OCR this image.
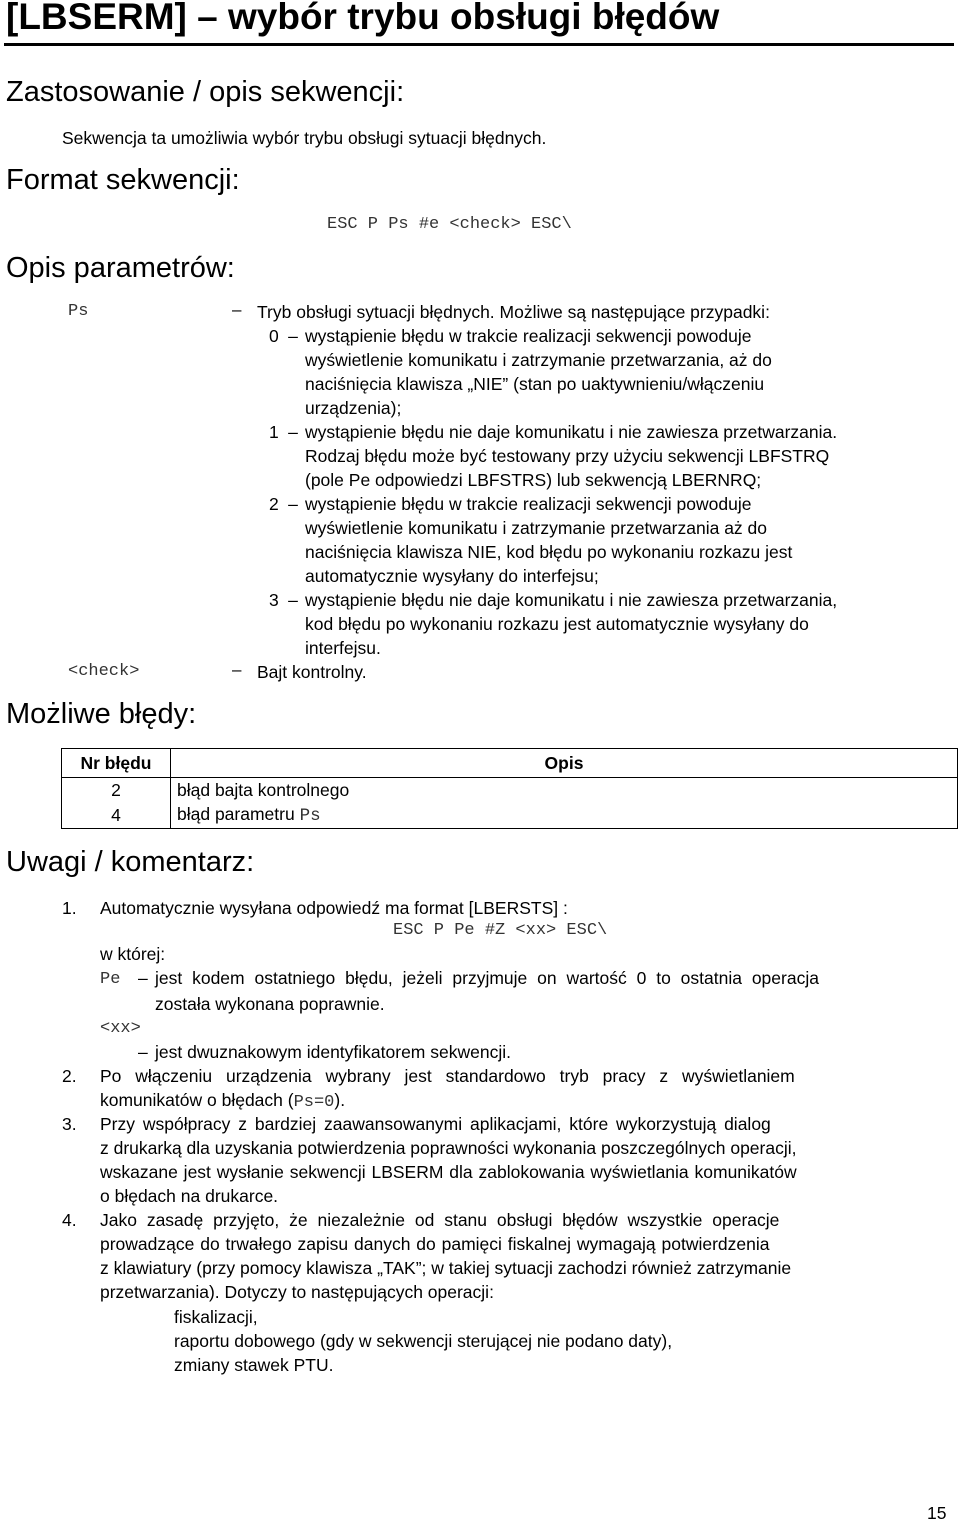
[LBSERM] – wybór trybu obsługi błędów
Zastosowanie / opis sekwencji:
Sekwencja ta umożliwia wybór trybu obsługi sytuacji błędnych.
Format sekwencji:
ESC P Ps #e <check> ESC\
Opis parametrów:
Ps	– Tryb obsługi sytuacji błędnych. Możliwe są następujące przypadki:
0 – wystąpienie błędu w trakcie realizacji sekwencji powoduje
wyświetlenie komunikatu i zatrzymanie przetwarzania, aż do
naciśnięcia klawisza „NIE” (stan po uaktywnieniu/włączeniu
urządzenia);
1 – wystąpienie błędu nie daje komunikatu i nie zawiesza przetwarzania.
Rodzaj błędu może być testowany przy użyciu sekwencji LBFSTRQ
(pole Pe odpowiedzi LBFSTRS) lub sekwencją LBERNRQ;
2 – wystąpienie błędu w trakcie realizacji sekwencji powoduje
wyświetlenie komunikatu i zatrzymanie przetwarzania aż do
naciśnięcia klawisza NIE, kod błędu po wykonaniu rozkazu jest
automatycznie wysyłany do interfejsu;
3 – wystąpienie błędu nie daje komunikatu i nie zawiesza przetwarzania,
kod błędu po wykonaniu rozkazu jest automatycznie wysyłany do
interfejsu.
<check>	– Bajt kontrolny.
Możliwe błędy:
Nr błędu	Opis
2	błąd bajta kontrolnego
4	błąd parametru Ps
Uwagi / komentarz:
1. Automatycznie wysyłana odpowiedź ma format [LBERSTS] :
ESC P Pe #Z <xx> ESC\
w której:
Pe – jest kodem ostatniego błędu, jeżeli przyjmuje on wartość 0 to ostatnia operacja
została wykonana poprawnie.
<xx>
– jest dwuznakowym identyfikatorem sekwencji.
2. Po włączeniu urządzenia wybrany jest standardowo tryb pracy z wyświetlaniem
komunikatów o błędach (Ps=0).
3. Przy współpracy z bardziej zaawansowanymi aplikacjami, które wykorzystują dialog
z drukarką dla uzyskania potwierdzenia poprawności wykonania poszczególnych operacji,
wskazane jest wysłanie sekwencji LBSERM dla zablokowania wyświetlania komunikatów
o błędach na drukarce.
4. Jako zasadę przyjęto, że niezależnie od stanu obsługi błędów wszystkie operacje
prowadzące do trwałego zapisu danych do pamięci fiskalnej wymagają potwierdzenia
z klawiatury (przy pomocy klawisza „TAK”; w takiej sytuacji zachodzi również zatrzymanie
przetwarzania). Dotyczy to następujących operacji:
fiskalizacji,
raportu dobowego (gdy w sekwencji sterującej nie podano daty),
zmiany stawek PTU.
15
